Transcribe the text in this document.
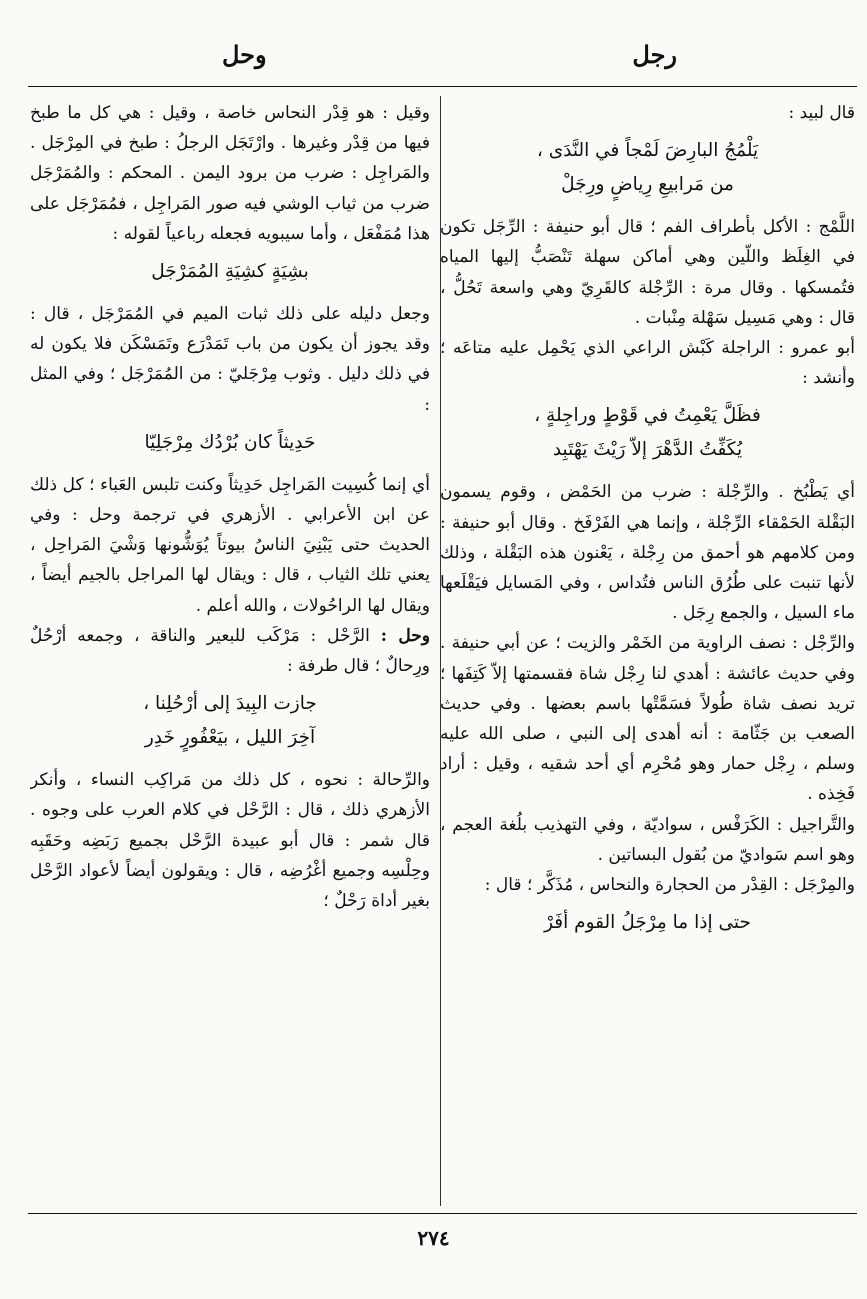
رجل
وحل

قال لبيد :

يَلْمُجُ البارِضَ لَمْجاً في النَّدَى ،
من مَرابيعِ رِياضٍ ورِجَلْ

اللَّمْج : الأكل بأطراف الفم ؛ قال أبو حنيفة : الرِّجَل تكون في الغِلَظ واللّين وهي أماكن سهلة تَنْصَبُّ إليها المياه فتُمسكها . وقال مرة : الرِّجْلة كالقَرِيّ وهي واسعة تَحُلُّ ، قال : وهي مَسِيل سَهْلة مِنْبات .

أبو عمرو : الراجلة كَبْش الراعي الذي يَحْمِل عليه متاعَه ؛ وأنشد :

فظَلَّ يَعْمِتُ في قَوْطٍ وراجِلةٍ ،
يُكَفِّتُ الدَّهْرَ إلاّ رَيْثَ يَهْتَبِد

أي يَطْبُخ . والرِّجْلة : ضرب من الحَمْض ، وقوم يسمون البَقْلة الحَمْقاء الرِّجْلة ، وإنما هي الفَرْفَخ . وقال أبو حنيفة : ومن كلامهم هو أحمق من رِجْلة ، يَعْنون هذه البَقْلة ، وذلك لأنها تنبت على طُرُق الناس فتُداس ، وفي المَسايل فيَقْلَعها ماء السيل ، والجمع رِجَل .

والرِّجْل : نصف الراوية من الخَمْر والزيت ؛ عن أبي حنيفة . وفي حديث عائشة : أهدي لنا رِجْل شاة فقسمتها إلاّ كَتِفَها ؛ تريد نصف شاة طُولاً فسَمَّتْها باسم بعضها . وفي حديث الصعب بن جَثّامة : أنه أهدى إلى النبي ، صلى الله عليه وسلم ، رِجْل حمار وهو مُحْرِم أي أحد شقيه ، وقيل : أراد فَخِذه .

والتَّراجيل : الكَرَفْس ، سواديّة ، وفي التهذيب بلُغة العجم ، وهو اسم سَواديّ من بُقول البساتين .

والمِرْجَل : القِدْر من الحجارة والنحاس ، مُذَكَّر ؛ قال :

حتى إذا ما مِرْجَلُ القوم أفَرْ

وقيل : هو قِدْر النحاس خاصة ، وقيل : هي كل ما طبخ فيها من قِدْر وغيرها . وارْتَجَل الرجلُ : طبخ في المِرْجَل . والمَراجِل : ضرب من برود اليمن . المحكم : والمُمَرْجَل ضرب من ثياب الوشي فيه صور المَراجِل ، فمُمَرْجَل على هذا مُمَفْعَل ، وأما سيبويه فجعله رباعياً لقوله :

بشِيَةٍ كشِيَةِ المُمَرْجَل

وجعل دليله على ذلك ثبات الميم في المُمَرْجَل ، قال : وقد يجوز أن يكون من باب تَمَدْرَع وتَمَسْكَن فلا يكون له في ذلك دليل . وثوب مِرْجَليّ : من المُمَرْجَل ؛ وفي المثل :

حَدِيثاً كان بُرْدُك مِرْجَلِيّا

أي إنما كُسِيت المَراجِل حَدِيثاً وكنت تلبس العَباء ؛ كل ذلك عن ابن الأعرابي . الأزهري في ترجمة وحل : وفي الحديث حتى يَبْنِيَ الناسُ بيوتاً يُوَشُّونها وَشْيَ المَراحِل ، يعني تلك الثياب ، قال : ويقال لها المراجل بالجيم أيضاً ، ويقال لها الراحُولات ، والله أعلم .

وحل : الرَّحْل : مَرْكَب للبعير والناقة ، وجمعه أرْحُلٌ ورِحالٌ ؛ قال طرفة :

جازت البِيدَ إلى أرْحُلِنا ،
آخِرَ الليل ، بيَعْفُورٍ خَدِر

والرِّحالة : نحوه ، كل ذلك من مَراكِب النساء ، وأنكر الأزهري ذلك ، قال : الرَّحْل في كلام العرب على وجوه . قال شمر : قال أبو عبيدة الرَّحْل بجميع رَبَضِه وحَقَبِه وحِلْسِه وجميع أغْرُضِه ، قال : ويقولون أيضاً لأعواد الرَّحْل بغير أداة رَحْلٌ ؛

٢٧٤
